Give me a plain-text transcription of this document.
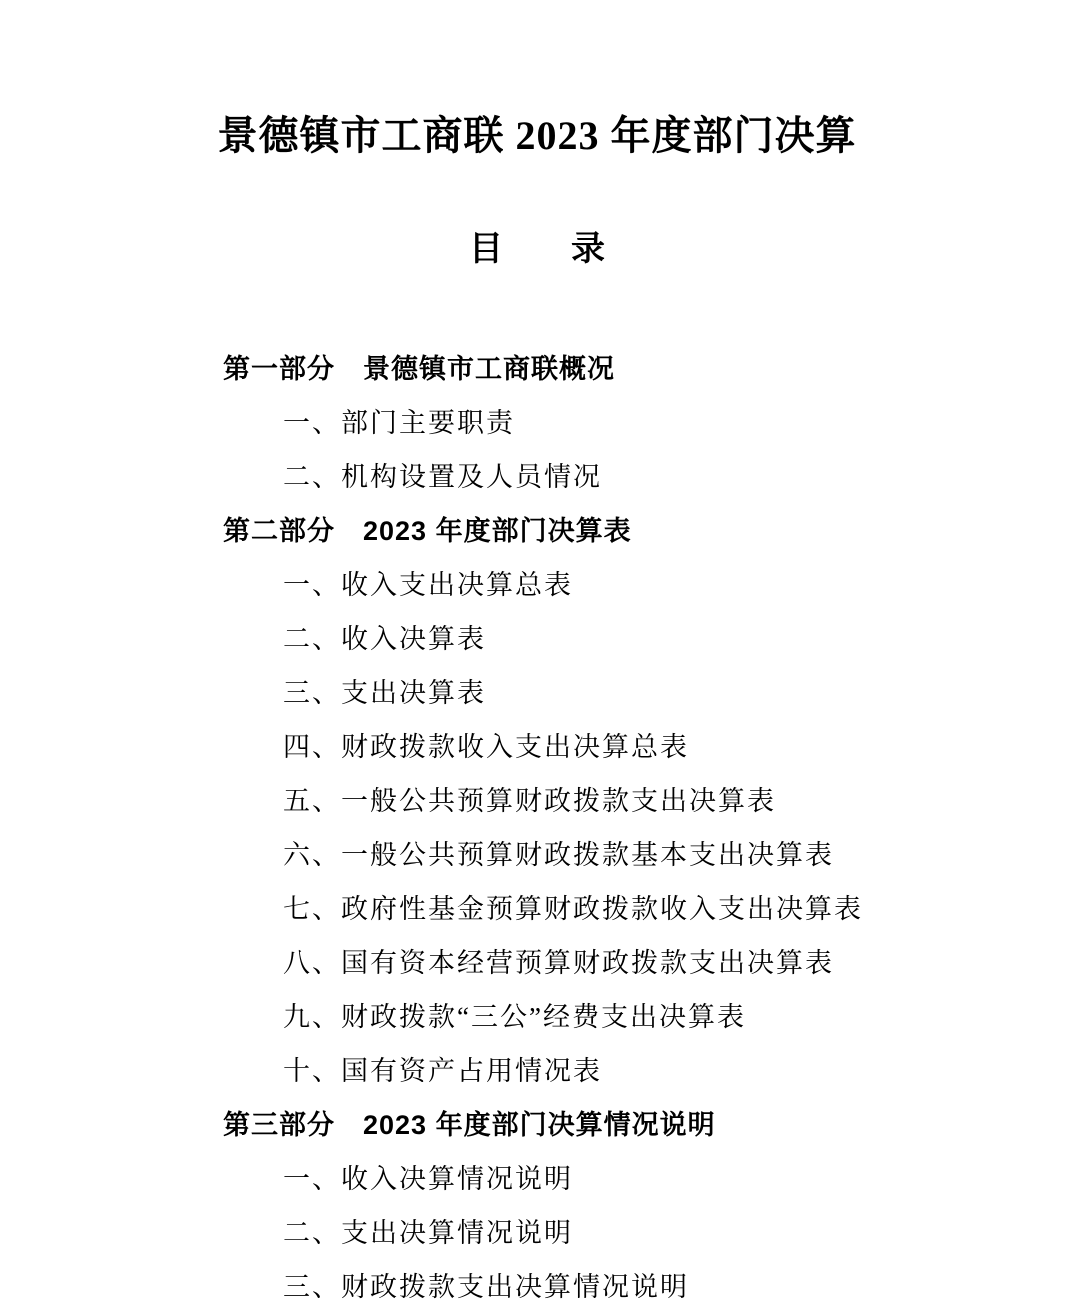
景德镇市工商联 2023 年度部门决算
目　　录
第一部分　景德镇市工商联概况
一、部门主要职责
二、机构设置及人员情况
第二部分　2023 年度部门决算表
一、收入支出决算总表
二、收入决算表
三、支出决算表
四、财政拨款收入支出决算总表
五、一般公共预算财政拨款支出决算表
六、一般公共预算财政拨款基本支出决算表
七、政府性基金预算财政拨款收入支出决算表
八、国有资本经营预算财政拨款支出决算表
九、财政拨款“三公”经费支出决算表
十、国有资产占用情况表
第三部分　2023 年度部门决算情况说明
一、收入决算情况说明
二、支出决算情况说明
三、财政拨款支出决算情况说明
